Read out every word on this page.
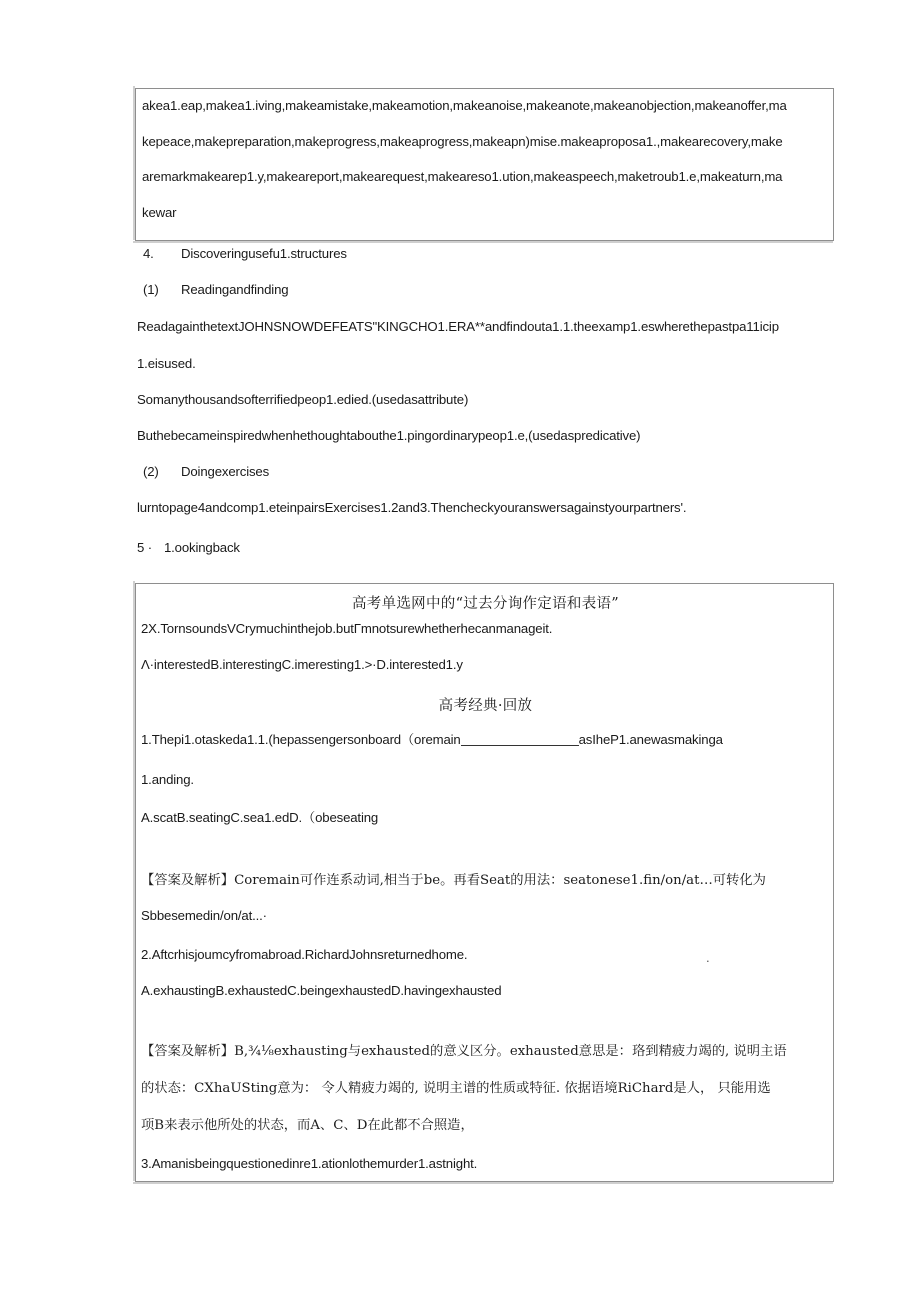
akea1.eap,makea1.iving,makeamistake,makeamotion,makeanoise,makeanote,makeanobjection,makeanoffer,ma
kepeace,makepreparation,makeprogress,makeaprogress,makeapn)mise.makeaproposa1.,makearecovery,make
aremarkmakearep1.y,makeareport,makearequest,makeareso1.ution,makeaspeech,maketroub1.e,makeaturn,ma
kewar
4. Discoveringusefu1.structures
(1) Readingandfinding
ReadagainthetextJOHNSNOWDEFEATS"KINGCHO1.ERA**andfindouta1.1.theexamp1.eswherethepastpa11icip
1.eisused.
Somanythousandsofterrifiedpeop1.edied.(usedasattribute)
Buthebecameinspiredwhenhethoughtabouthe1.pingordinarypeop1.e,(usedaspredicative)
(2) Doingexercises
lurntopage4andcomp1.eteinpairsExercises1.2and3.Thencheckyouranswersagainstyourpartners'.
5 · 1.ookingback
高考单选网中的“过去分询作定语和表语”
2X.TornsoundsVCrymuchinthejob.butΓmnotsurewhetherhecanmanageit.
Λ·interestedB.interestingC.imeresting1.>·D.interested1.y
高考经典·回放
1.Thepi1.otaskeda1.1.(hepassengersonboard（oremain	asIheP1.anewasmakinga
1.anding.
A.scatB.seatingC.sea1.edD.（obeseating
【答案及解析】Coremain可作连系动词,相当于be。再看Seat的用法：seatonese1.fin/on/at…可转化为
Sbbesemedin/on/at...·
2.Aftcrhisjoumcyfromabroad.RichardJohnsreturnedhome.	.
A.exhaustingB.exhaustedC.beingexhaustedD.havingexhausted
【答案及解析】B,¾⅛exhausting与exhausted的意义区分。exhausted意思是：珞到精疲力竭的, 说明主语
的状态：CXhaUSting意为： 令人精疲力竭的, 说明主谱的性质或特征. 依据语境RiChard是人， 只能用选
项B来表示他所处的状态，而A、C、D在此都不合照造，
3.Amanisbeingquestionedinre1.ationlothemurder1.astnight.
